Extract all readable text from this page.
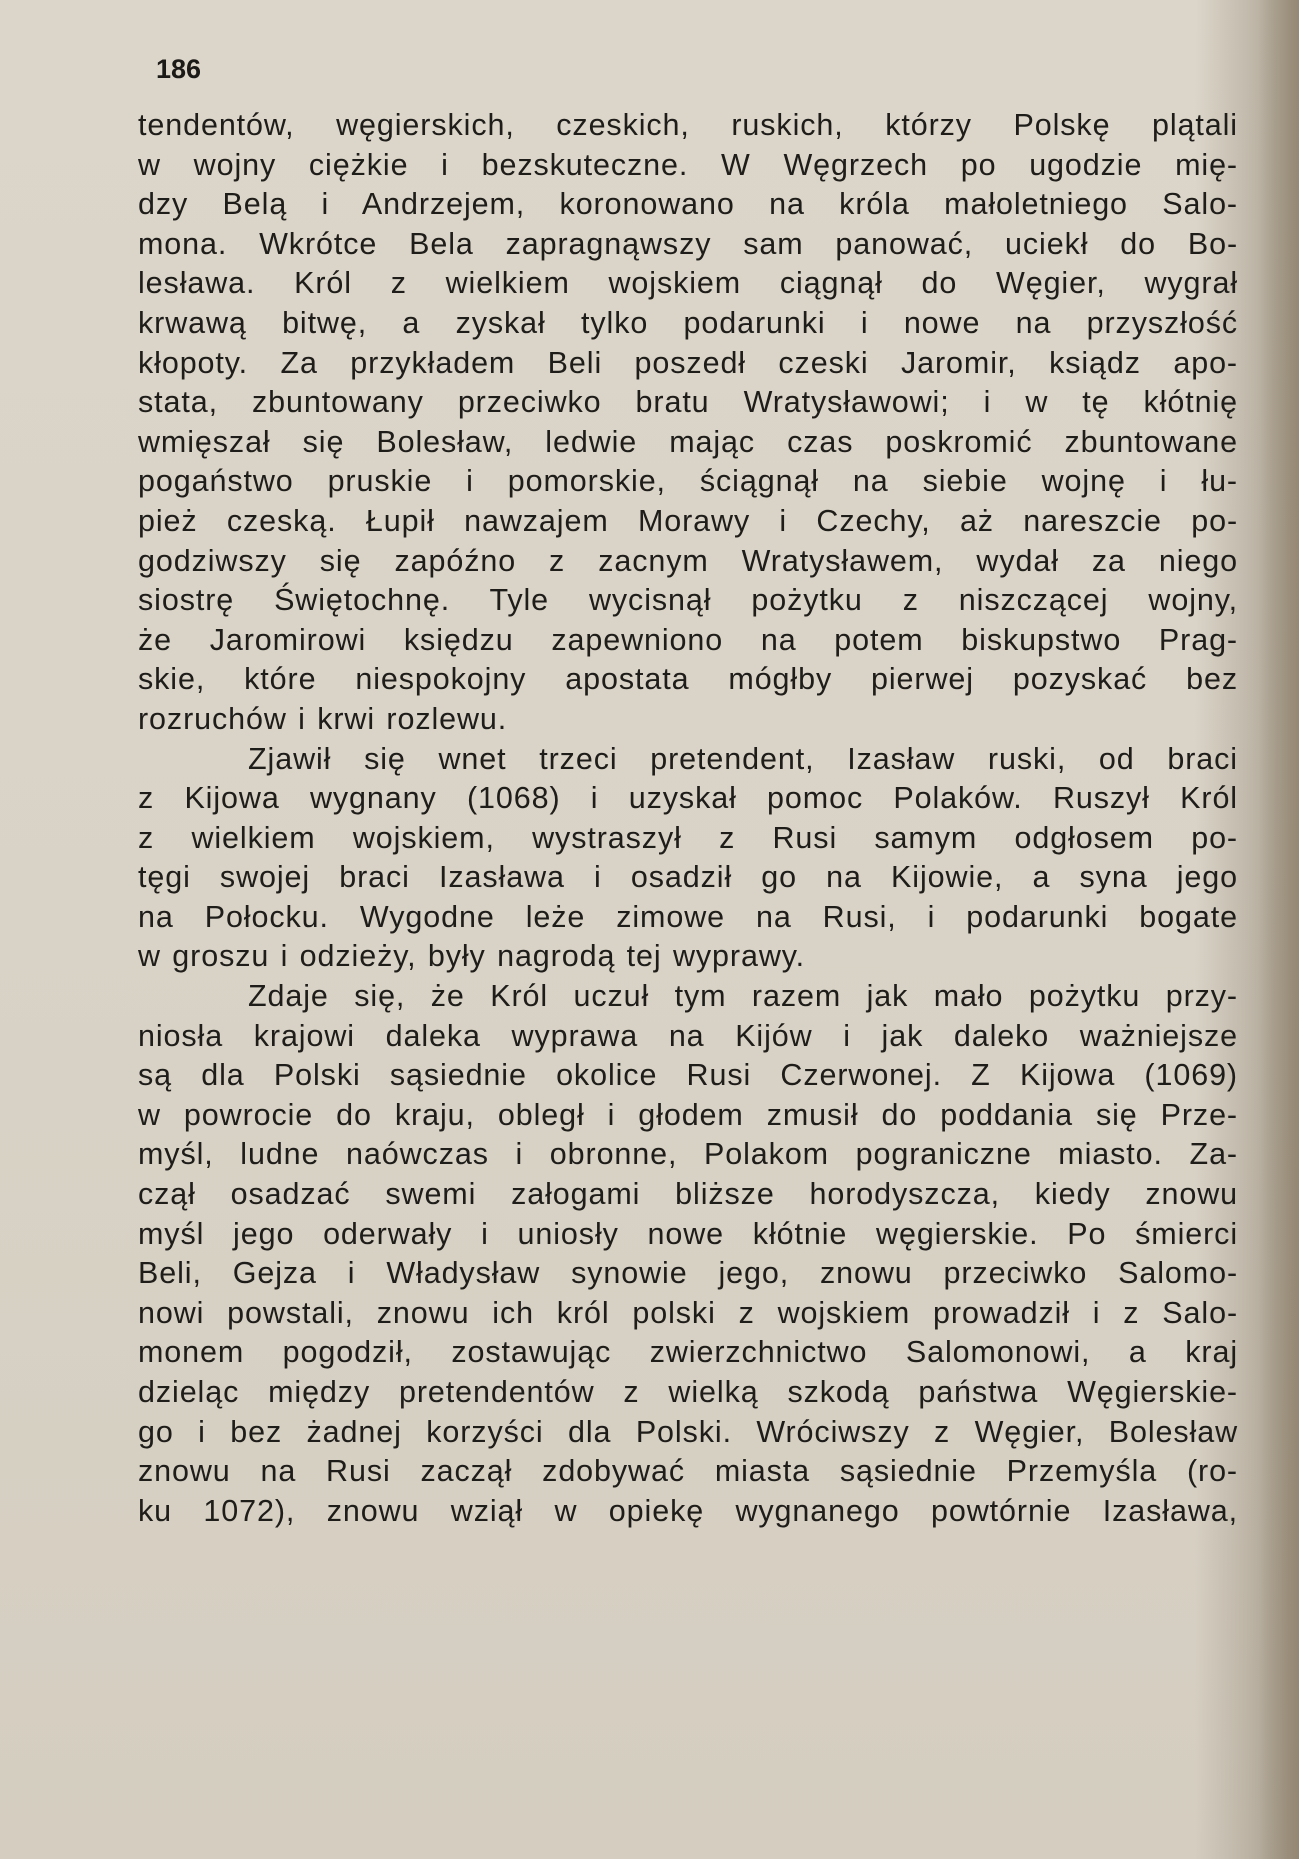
186

tendentów, węgierskich, czeskich, ruskich, którzy Polskę plątali
w wojny ciężkie i bezskuteczne. W Węgrzech po ugodzie mię-
dzy Belą i Andrzejem, koronowano na króla małoletniego Salo-
mona. Wkrótce Bela zapragnąwszy sam panować, uciekł do Bo-
lesława. Król z wielkiem wojskiem ciągnął do Węgier, wygrał
krwawą bitwę, a zyskał tylko podarunki i nowe na przyszłość
kłopoty. Za przykładem Beli poszedł czeski Jaromir, ksiądz apo-
stata, zbuntowany przeciwko bratu Wratysławowi; i w tę kłótnię
wmięszał się Bolesław, ledwie mając czas poskromić zbuntowane
pogaństwo pruskie i pomorskie, ściągnął na siebie wojnę i łu-
pież czeską. Łupił nawzajem Morawy i Czechy, aż nareszcie po-
godziwszy się zapóźno z zacnym Wratysławem, wydał za niego
siostrę Świętochnę. Tyle wycisnął pożytku z niszczącej wojny,
że Jaromirowi księdzu zapewniono na potem biskupstwo Prag-
skie, które niespokojny apostata mógłby pierwej pozyskać bez
rozruchów i krwi rozlewu.
Zjawił się wnet trzeci pretendent, Izasław ruski, od braci
z Kijowa wygnany (1068) i uzyskał pomoc Polaków. Ruszył Król
z wielkiem wojskiem, wystraszył z Rusi samym odgłosem po-
tęgi swojej braci Izasława i osadził go na Kijowie, a syna jego
na Połocku. Wygodne leże zimowe na Rusi, i podarunki bogate
w groszu i odzieży, były nagrodą tej wyprawy.
Zdaje się, że Król uczuł tym razem jak mało pożytku przy-
niosła krajowi daleka wyprawa na Kijów i jak daleko ważniejsze
są dla Polski sąsiednie okolice Rusi Czerwonej. Z Kijowa (1069)
w powrocie do kraju, obległ i głodem zmusił do poddania się Prze-
myśl, ludne naówczas i obronne, Polakom pograniczne miasto. Za-
czął osadzać swemi załogami bliższe horodyszcza, kiedy znowu
myśl jego oderwały i uniosły nowe kłótnie węgierskie. Po śmierci
Beli, Gejza i Władysław synowie jego, znowu przeciwko Salomo-
nowi powstali, znowu ich król polski z wojskiem prowadził i z Salo-
monem pogodził, zostawując zwierzchnictwo Salomonowi, a kraj
dzieląc między pretendentów z wielką szkodą państwa Węgierskie-
go i bez żadnej korzyści dla Polski. Wróciwszy z Węgier, Bolesław
znowu na Rusi zaczął zdobywać miasta sąsiednie Przemyśla (ro-
ku 1072), znowu wziął w opiekę wygnanego powtórnie Izasława,
